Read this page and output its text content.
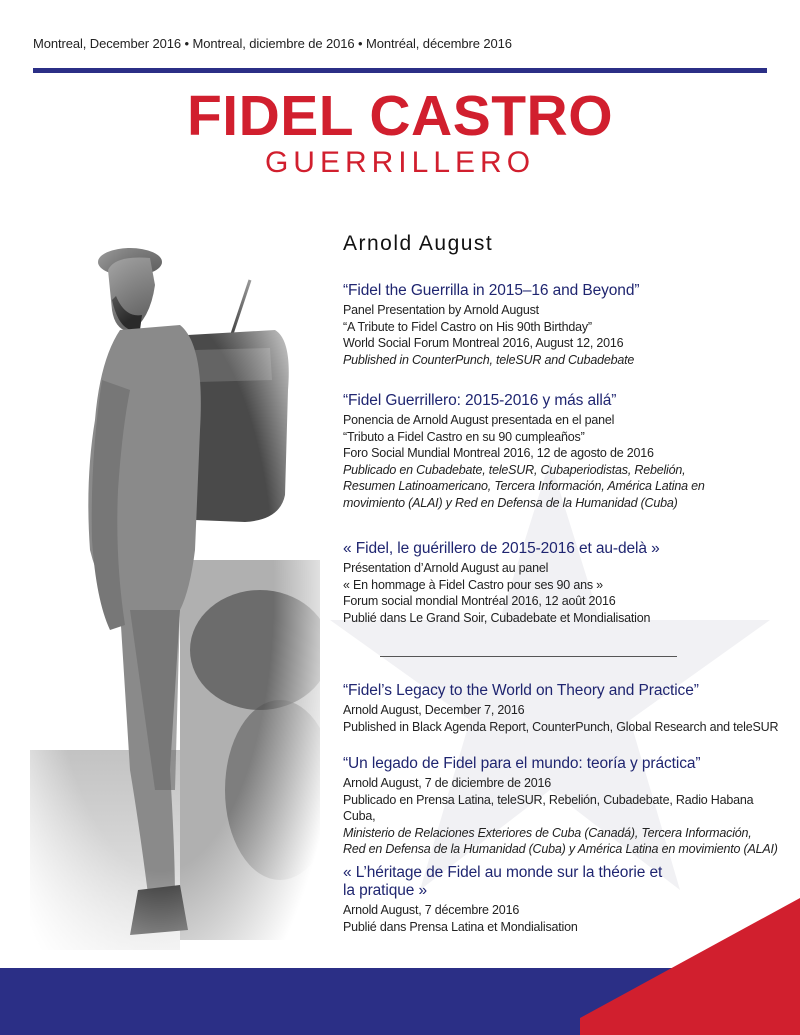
Montreal, December 2016 • Montreal, diciembre de 2016 • Montréal, décembre 2016
FIDEL CASTRO
GUERRILLERO
Arnold August
“Fidel the Guerrilla in 2015–16 and Beyond”
Panel Presentation by Arnold August
“A Tribute to Fidel Castro on His 90th Birthday”
World Social Forum Montreal 2016, August 12, 2016
Published in CounterPunch, teleSUR and Cubadebate
“Fidel Guerrillero: 2015-2016 y más allá”
Ponencia de Arnold August presentada en el panel
“Tributo a Fidel Castro en su 90 cumpleaños”
Foro Social Mundial Montreal 2016, 12 de agosto de 2016
Publicado en Cubadebate, teleSUR, Cubaperiodistas, Rebelión,
Resumen Latinoamericano, Tercera Información, América Latina en
movimiento (ALAI) y Red en Defensa de la Humanidad (Cuba)
« Fidel, le guérillero de 2015-2016 et au-delà »
Présentation d’Arnold August au panel
« En hommage à Fidel Castro pour ses 90 ans »
Forum social mondial Montréal 2016, 12 août 2016
Publié dans Le Grand Soir, Cubadebate et Mondialisation
“Fidel’s Legacy to the World on Theory and Practice”
Arnold August, December 7, 2016
Published in Black Agenda Report, CounterPunch, Global Research and teleSUR
“Un legado de Fidel para el mundo: teoría y práctica”
Arnold August, 7 de diciembre de 2016
Publicado en Prensa Latina, teleSUR, Rebelión, Cubadebate, Radio Habana Cuba,
Ministerio de Relaciones Exteriores de Cuba (Canadá), Tercera Información,
Red en Defensa de la Humanidad (Cuba) y América Latina en movimiento (ALAI)
« L’héritage de Fidel au monde sur la théorie et la pratique »
Arnold August, 7 décembre 2016
Publié dans Prensa Latina et Mondialisation
